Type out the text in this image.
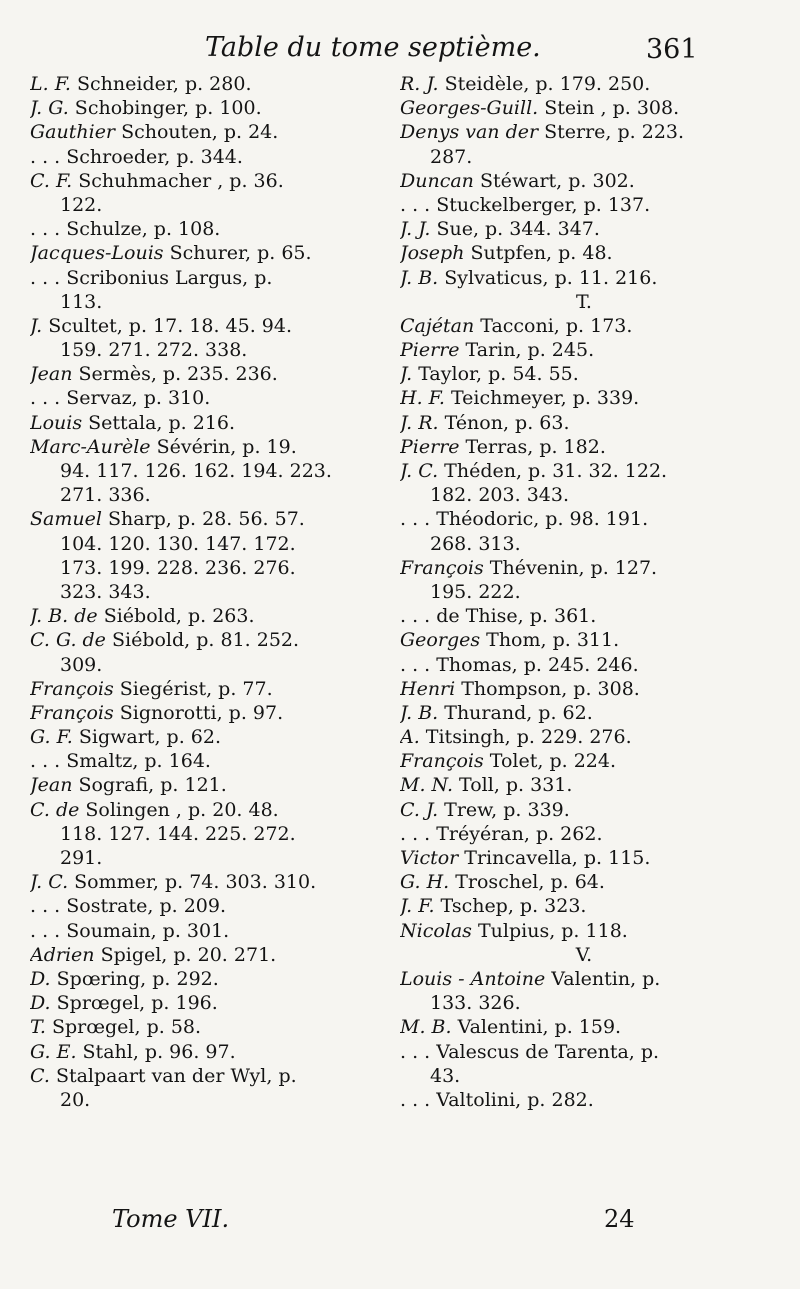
Table du tome septième.	361
L. F. Schneider, p. 280.
J. G. Schobinger, p. 100.
Gauthier Schouten, p. 24.
. . . Schroeder, p. 344.
C. F. Schuhmacher , p. 36.
122.
. . . Schulze, p. 108.
Jacques-Louis Schurer, p. 65.
. . . Scribonius Largus, p.
113.
J. Scultet, p. 17. 18. 45. 94.
159. 271. 272. 338.
Jean Sermès, p. 235. 236.
. . . Servaz, p. 310.
Louis Settala, p. 216.
Marc-Aurèle Sévérin, p. 19.
94. 117. 126. 162. 194. 223.
271. 336.
Samuel Sharp, p. 28. 56. 57.
104. 120. 130. 147. 172.
173. 199. 228. 236. 276.
323. 343.
J. B. de Siébold, p. 263.
C. G. de Siébold, p. 81. 252.
309.
François Siegérist, p. 77.
François Signorotti, p. 97.
G. F. Sigwart, p. 62.
. . . Smaltz, p. 164.
Jean Sografi, p. 121.
C. de Solingen , p. 20. 48.
118. 127. 144. 225. 272.
291.
J. C. Sommer, p. 74. 303. 310.
. . . Sostrate, p. 209.
. . . Soumain, p. 301.
Adrien Spigel, p. 20. 271.
D. Spœring, p. 292.
D. Sprœgel, p. 196.
T. Sprœgel, p. 58.
G. E. Stahl, p. 96. 97.
C. Stalpaart van der Wyl, p.
20.
R. J. Steidèle, p. 179. 250.
Georges-Guill. Stein , p. 308.
Denys van der Sterre, p. 223.
287.
Duncan Stéwart, p. 302.
. . . Stuckelberger, p. 137.
J. J. Sue, p. 344. 347.
Joseph Sutpfen, p. 48.
J. B. Sylvaticus, p. 11. 216.
T.
Cajétan Tacconi, p. 173.
Pierre Tarin, p. 245.
J. Taylor, p. 54. 55.
H. F. Teichmeyer, p. 339.
J. R. Ténon, p. 63.
Pierre Terras, p. 182.
J. C. Théden, p. 31. 32. 122.
182. 203. 343.
. . . Théodoric, p. 98. 191.
268. 313.
François Thévenin, p. 127.
195. 222.
. . . de Thise, p. 361.
Georges Thom, p. 311.
. . . Thomas, p. 245. 246.
Henri Thompson, p. 308.
J. B. Thurand, p. 62.
A. Titsingh, p. 229. 276.
François Tolet, p. 224.
M. N. Toll, p. 331.
C. J. Trew, p. 339.
. . . Tréyéran, p. 262.
Victor Trincavella, p. 115.
G. H. Troschel, p. 64.
J. F. Tschep, p. 323.
Nicolas Tulpius, p. 118.
V.
Louis - Antoine Valentin, p.
133. 326.
M. B. Valentini, p. 159.
. . . Valescus de Tarenta, p.
43.
. . . Valtolini, p. 282.
Tome VII.	24
